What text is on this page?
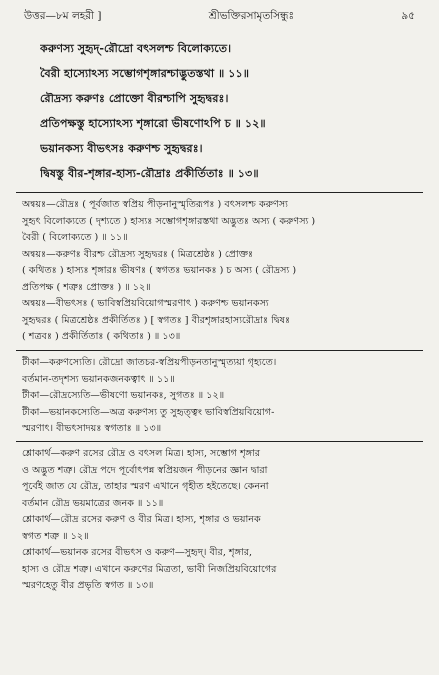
উত্তর—৮ম লহরী ]	শ্রীভক্তিরসামৃতসিন্ধুঃ	৯৫
করুণস্য সুহৃদ্-রৌদ্রো বৎসলশ্চ বিলোক্যতে।
বৈরী হাস্যোঽস্য সম্ভোগশৃঙ্গারশ্চাদ্ভুতস্তথা ॥ ১১॥
রৌদ্রস্য করুণঃ প্রোক্তো বীরশ্চাপি সুহৃদ্বরঃ।
প্রতিপক্ষস্তু হাস্যোঽস্য শৃঙ্গারো ভীষণোঽপি চ ॥ ১২॥
ভয়ানকস্য বীভৎসঃ করুণশ্চ সুহৃদ্বরঃ।
দ্বিষস্তু বীর-শৃঙ্গার-হাস্য-রৌদ্রাঃ প্রকীর্তিতাঃ ॥ ১৩॥
অন্বয়ঃ—রৌদ্রঃ ( পূর্বজাত স্বপ্রিয় পীড়নানুস্মৃতিরূপঃ ) বৎসলশ্চ করুণস্য
সুহৃৎ বিলোক্যতে ( দৃশ্যতে ) হাস্যঃ সম্ভোগশৃঙ্গারস্তথা অদ্ভুতঃ অস্য ( করুণস্য )
বৈরী ( বিলোক্যতে ) ॥ ১১॥
অন্বয়ঃ—করুণঃ বীরশ্চ রৌদ্রস্য সুহৃদ্বরঃ ( মিত্রশ্রেষ্ঠঃ ) প্রোক্তঃ
( কথিতঃ ) হাস্যঃ শৃঙ্গারঃ ভীষণঃ ( স্বগতঃ ভয়ানকঃ ) চ অস্য ( রৌদ্রস্য )
প্রতিপক্ষ ( শত্রুঃ প্রোক্তঃ ) ॥ ১২॥
অন্বয়ঃ—বীভৎসঃ ( ভাবিস্বপ্রিয়বিয়োগস্মরণাৎ ) করুণশ্চ ভয়ানকস্য
সুহৃদ্বরঃ ( মিত্রশ্রেষ্ঠঃ প্রকীর্তিতঃ ) [ স্বগতঃ ] বীরশৃঙ্গারহাস্যরৌদ্রাঃ দ্বিষঃ
( শত্রবঃ ) প্রকীর্তিতাঃ ( কথিতাঃ ) ॥ ১৩॥
টীকা—করুণস্যেতি। রৌদ্রো জাতচর-স্বপ্রিয়পীড়নতানুস্মৃত্যয়া গৃহ্যতে।
বর্তমান-তদৃশস্য ভয়ানকজনকত্বাৎ ॥ ১১॥
টীকা—রৌদ্রস্যেতি—ভীষণো ভয়ানকঃ, সুগতঃ ॥ ১২॥
টীকা—ভয়ানকস্যেতি—অত্র করুণস্য তু সুহৃত্ত্বং ভাবিস্বপ্রিয়বিয়োগ-
স্মরণাৎ। বীভৎসাদয়ঃ স্বগতাঃ ॥ ১৩॥
শ্লোকার্থ—করুণ রসের রৌদ্র ও বৎসল মিত্র। হাস্য, সম্ভোগ শৃঙ্গার
ও অদ্ভুত শত্রু। রৌদ্র পদে পূর্বোৎপন্ন স্বপ্রিয়জন পীড়নের জ্ঞান দ্বারা
পূর্বেই জাত যে রৌদ্র, তাহার স্মরণ এখানে গৃহীত হইতেছে। কেননা
বর্তমান রৌদ্র ভয়মাত্রের জনক ॥ ১১॥
শ্লোকার্থ—রৌদ্র রসের করুণ ও বীর মিত্র। হাস্য, শৃঙ্গার ও ভয়ানক
স্বগত শত্রু ॥ ১২॥
শ্লোকার্থ—ভয়ানক রসের বীভৎস ও করুণ—সুহৃদ্। বীর, শৃঙ্গার,
হাস্য ও রৌদ্র শত্রু। এখানে করুণের মিত্রতা, ভাবী নিজপ্রিয়বিয়োগের
স্মরণহেতু বীর প্রভৃতি স্বগত ॥ ১৩॥
